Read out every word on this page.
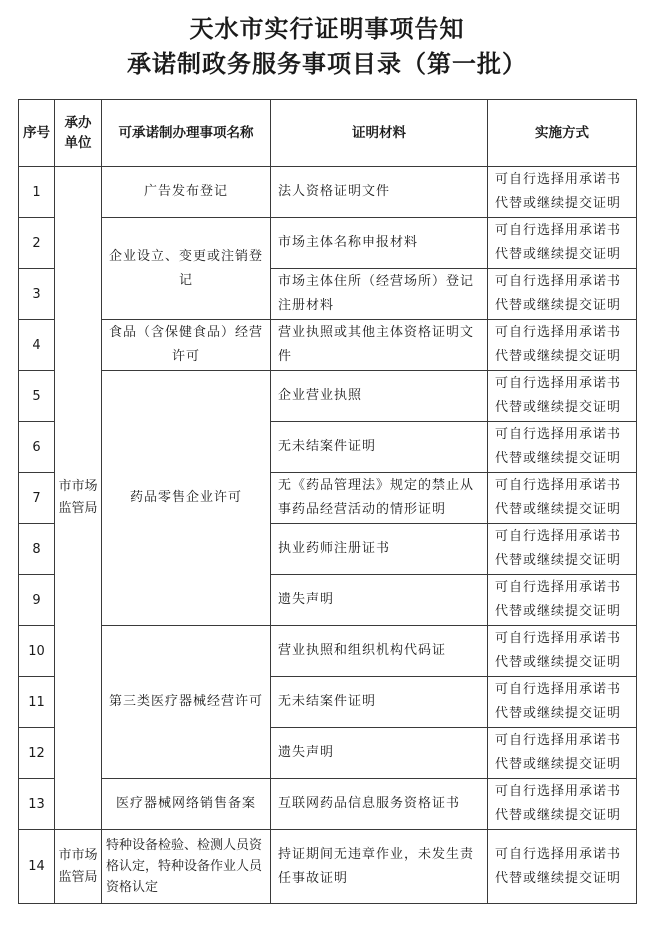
天水市实行证明事项告知
承诺制政务服务事项目录（第一批）
序号	承办单位	可承诺制办理事项名称	证明材料	实施方式
1	市市场监管局	广告发布登记	法人资格证明文件	可自行选择用承诺书代替或继续提交证明
2		企业设立、变更或注销登记	市场主体名称申报材料	可自行选择用承诺书代替或继续提交证明
3			市场主体住所（经营场所）登记注册材料	可自行选择用承诺书代替或继续提交证明
4		食品（含保健食品）经营许可	营业执照或其他主体资格证明文件	可自行选择用承诺书代替或继续提交证明
5		药品零售企业许可	企业营业执照	可自行选择用承诺书代替或继续提交证明
6			无未结案件证明	可自行选择用承诺书代替或继续提交证明
7			无《药品管理法》规定的禁止从事药品经营活动的情形证明	可自行选择用承诺书代替或继续提交证明
8			执业药师注册证书	可自行选择用承诺书代替或继续提交证明
9			遗失声明	可自行选择用承诺书代替或继续提交证明
10		第三类医疗器械经营许可	营业执照和组织机构代码证	可自行选择用承诺书代替或继续提交证明
11			无未结案件证明	可自行选择用承诺书代替或继续提交证明
12			遗失声明	可自行选择用承诺书代替或继续提交证明
13		医疗器械网络销售备案	互联网药品信息服务资格证书	可自行选择用承诺书代替或继续提交证明
14	市市场监管局	特种设备检验、检测人员资格认定，特种设备作业人员资格认定	持证期间无违章作业，未发生责任事故证明	可自行选择用承诺书代替或继续提交证明
